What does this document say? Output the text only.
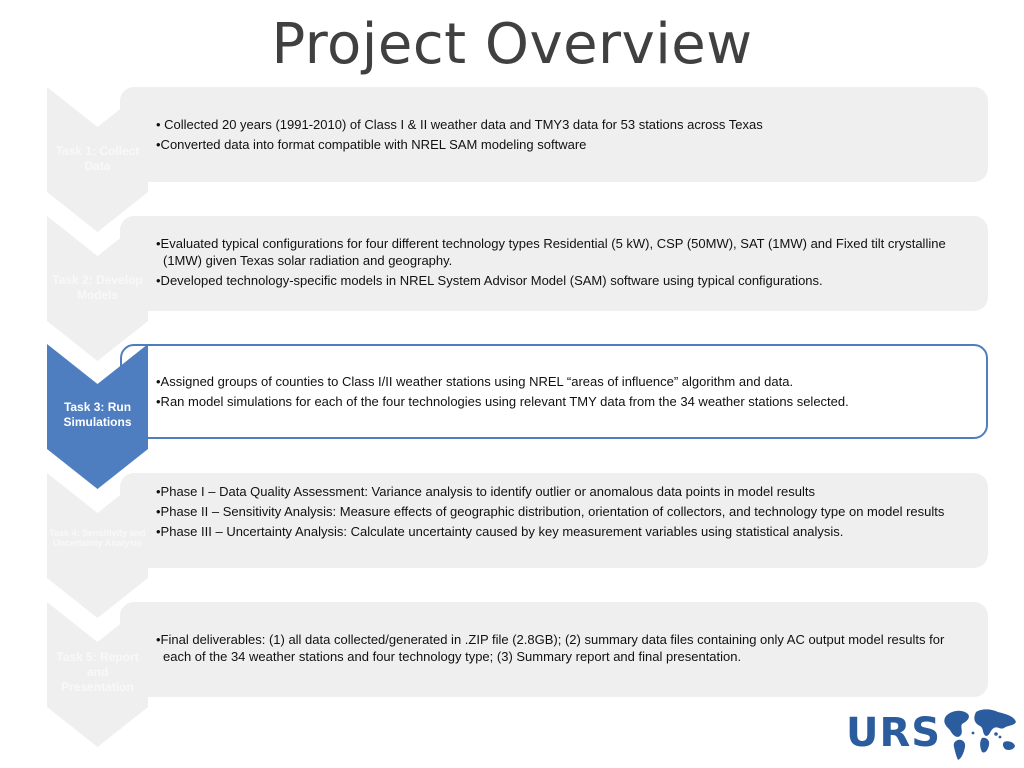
Project Overview
Task 1: Collect Data
• Collected 20 years (1991-2010) of Class I & II weather data and TMY3 data for 53 stations across Texas
•Converted data into format compatible with NREL SAM modeling software
Task 2: Develop Models
•Evaluated typical configurations for four different technology types Residential (5 kW), CSP (50MW), SAT (1MW) and Fixed tilt crystalline (1MW) given Texas solar radiation and geography.
•Developed technology-specific models in NREL System Advisor Model (SAM) software using typical configurations.
Task 3: Run Simulations
•Assigned groups of counties to Class I/II weather stations using NREL “areas of influence” algorithm and data.
•Ran model simulations for each of the four technologies using relevant TMY data from the 34 weather stations selected.
Task 4: Sensitivity and Uncertainty Analysis
•Phase I – Data Quality Assessment: Variance analysis to identify outlier or anomalous data points in model results
•Phase II – Sensitivity Analysis: Measure effects of geographic distribution, orientation of collectors, and technology type on model results
•Phase III – Uncertainty Analysis: Calculate uncertainty caused by key measurement variables using statistical analysis.
Task 5: Report and Presentation
•Final deliverables: (1) all data collected/generated in .ZIP file (2.8GB); (2) summary data files containing only AC output model results for each of the 34 weather stations and four technology type; (3) Summary report and final presentation.
URS
